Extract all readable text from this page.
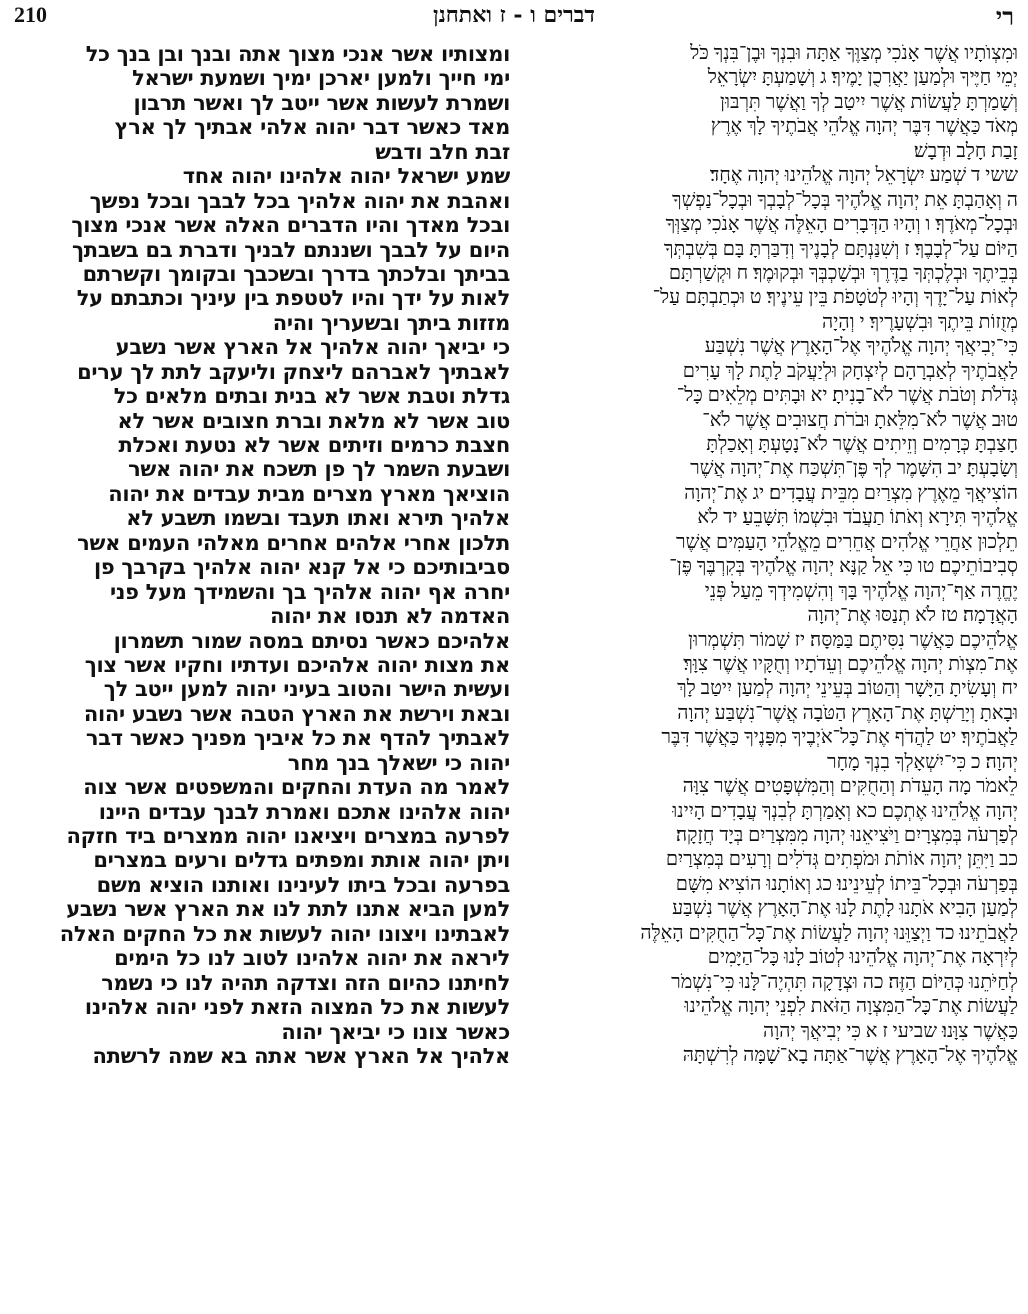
210	דברים ו - ז ואתחנן	רי
ומצותיו אשר אנכי מצוך אתה ובנך ובן בנך כל
ימי חייך ולמען יארכן ימיך ושמעת ישראל
ושמרת לעשות אשר ייטב לך ואשר תרבון
מאד כאשר דבר יהוה אלהי אבתיך לך ארץ
זבת חלב ודבש
שמע ישראל יהוה אלהינו יהוה אחד
ואהבת את יהוה אלהיך בכל לבבך ובכל נפשך
ובכל מאדך והיו הדברים האלה אשר אנכי מצוך
היום על לבבך ושננתם לבניך ודברת בם בשבתך
בביתך ובלכתך בדרך ובשכבך ובקומך וקשרתם
לאות על ידך והיו לטטפת בין עיניך וכתבתם על
מזזות ביתך ובשעריך והיה
כי יביאך יהוה אלהיך אל הארץ אשר נשבע
לאבתיך לאברהם ליצחק וליעקב לתת לך ערים
גדלת וטבת אשר לא בנית ובתים מלאים כל
טוב אשר לא מלאת וברת חצובים אשר לא
חצבת כרמים וזיתים אשר לא נטעת ואכלת
ושבעת השמר לך פן תשכח את יהוה אשר
הוציאך מארץ מצרים מבית עבדים את יהוה
אלהיך תירא ואתו תעבד ובשמו תשבע לא
תלכון אחרי אלהים אחרים מאלהי העמים אשר
סביבותיכם כי אל קנא יהוה אלהיך בקרבך פן
יחרה אף יהוה אלהיך בך והשמידך מעל פני
האדמה לא תנסו את יהוה
אלהיכם כאשר נסיתם במסה שמור תשמרון
את מצות יהוה אלהיכם ועדתיו וחקיו אשר צוך
ועשית הישר והטוב בעיני יהוה למען ייטב לך
ובאת וירשת את הארץ הטבה אשר נשבע יהוה
לאבתיך להדף את כל איביך מפניך כאשר דבר
יהוה כי ישאלך בנך מחר
לאמר מה העדת והחקים והמשפטים אשר צוה
יהוה אלהינו אתכם ואמרת לבנך עבדים היינו
לפרעה במצרים ויציאנו יהוה ממצרים ביד חזקה
ויתן יהוה אותת ומפתים גדלים ורעים במצרים
בפרעה ובכל ביתו לעינינו ואותנו הוציא משם
למען הביא אתנו לתת לנו את הארץ אשר נשבע
לאבתינו ויצונו יהוה לעשות את כל החקים האלה
ליראה את יהוה אלהינו לטוב לנו כל הימים
לחיתנו כהיום הזה וצדקה תהיה לנו כי נשמר
לעשות את כל המצוה הזאת לפני יהוה אלהינו
כאשר צונו כי יביאך יהוה
אלהיך אל הארץ אשר אתה בא שמה לרשתה
וּמִצְוֺתָיו אֲשֶׁר אָנֹכִי מְצַוֶּךָ אַתָּה וּבִנְךָ וּבֶן־בִּנְךָ כֹּל
יְמֵי חַיֶּיךָ וּלְמַעַן יַאֲרִכֻן יָמֶיךָ׃ ג וְשָׁמַעְתָּ יִשְׂרָאֵל
וְשָׁמַרְתָּ לַעֲשׂוֹת אֲשֶׁר יִיטַב לְךָ וַאֲשֶׁר תִּרְבּוּן
מְאֹד כַּאֲשֶׁר דִּבֶּר יְהוָה אֱלֹהֵי אֲבֹתֶיךָ לָךְ אֶרֶץ
זָבַת חָלָב וּדְבָשׁ׃
ששי ד שְׁמַע יִשְׂרָאֵל יְהוָה אֱלֹהֵינוּ יְהוָה אֶחָד׃
ה וְאָהַבְתָּ אֵת יְהוָה אֱלֹהֶיךָ בְּכָל־לְבָבְךָ וּבְכָל־נַפְשְׁךָ
וּבְכָל־מְאֹדֶךָ׃ ו וְהָיוּ הַדְּבָרִים הָאֵלֶּה אֲשֶׁר אָנֹכִי מְצַוְּךָ
הַיּוֹם עַל־לְבָבֶךָ׃ ז וְשִׁנַּנְתָּם לְבָנֶיךָ וְדִבַּרְתָּ בָּם בְּשִׁבְתְּךָ
בְּבֵיתֶךָ וּבְלֶכְתְּךָ בַדֶּרֶךְ וּבְשָׁכְבְּךָ וּבְקוּמֶךָ׃ ח וּקְשַׁרְתָּם
לְאוֹת עַל־יָדֶךָ וְהָיוּ לְטֹטָפֹת בֵּין עֵינֶיךָ׃ ט וּכְתַבְתָּם עַל־
מְזֻזוֹת בֵּיתֶךָ וּבִשְׁעָרֶיךָ׃ י וְהָיָה
כִּי־יְבִיאֲךָ יְהוָה אֱלֹהֶיךָ אֶל־הָאָרֶץ אֲשֶׁר נִשְׁבַּע
לַאֲבֹתֶיךָ לְאַבְרָהָם לְיִצְחָק וּלְיַעֲקֹב לָתֶת לָךְ עָרִים
גְּדֹלֹת וְטֹבֹת אֲשֶׁר לֹא־בָנִיתָ׃ יא וּבָתִּים מְלֵאִים כָּל־
טוּב אֲשֶׁר לֹא־מִלֵּאתָ וּבֹרֹת חֲצוּבִים אֲשֶׁר לֹא־
חָצַבְתָּ כְּרָמִים וְזֵיתִים אֲשֶׁר לֹא־נָטָעְתָּ וְאָכַלְתָּ
וְשָׂבָעְתָּ׃ יב הִשָּׁמֶר לְךָ פֶּן־תִּשְׁכַּח אֶת־יְהוָה אֲשֶׁר
הוֹצִיאֲךָ מֵאֶרֶץ מִצְרַיִם מִבֵּית עֲבָדִים׃ יג אֶת־יְהוָה
אֱלֹהֶיךָ תִּירָא וְאֹתוֹ תַעֲבֹד וּבִשְׁמוֹ תִּשָּׁבֵעַ׃ יד לֹא
תֵלְכוּן אַחֲרֵי אֱלֹהִים אֲחֵרִים מֵאֱלֹהֵי הָעַמִּים אֲשֶׁר
סְבִיבוֹתֵיכֶם׃ טו כִּי אֵל קַנָּא יְהוָה אֱלֹהֶיךָ בְּקִרְבֶּךָ פֶּן־
יֶחֱרֶה אַף־יְהוָה אֱלֹהֶיךָ בָּךְ וְהִשְׁמִידְךָ מֵעַל פְּנֵי
הָאֲדָמָה׃ טז לֹא תְנַסּוּ אֶת־יְהוָה
אֱלֹהֵיכֶם כַּאֲשֶׁר נִסִּיתֶם בַּמַּסָּה׃ יז שָׁמוֹר תִּשְׁמְרוּן
אֶת־מִצְוֺת יְהוָה אֱלֹהֵיכֶם וְעֵדֹתָיו וְחֻקָּיו אֲשֶׁר צִוָּךְ׃
יח וְעָשִׂיתָ הַיָּשָׁר וְהַטּוֹב בְּעֵינֵי יְהוָה לְמַעַן יִיטַב לָךְ
וּבָאתָ וְיָרַשְׁתָּ אֶת־הָאָרֶץ הַטֹּבָה אֲשֶׁר־נִשְׁבַּע יְהוָה
לַאֲבֹתֶיךָ׃ יט לַהֲדֹף אֶת־כָּל־אֹיְבֶיךָ מִפָּנֶיךָ כַּאֲשֶׁר דִּבֶּר
יְהוָה׃ כ כִּי־יִשְׁאָלְךָ בִנְךָ מָחָר
לֵאמֹר מָה הָעֵדֹת וְהַחֻקִּים וְהַמִּשְׁפָּטִים אֲשֶׁר צִוָּה
יְהוָה אֱלֹהֵינוּ אֶתְכֶם׃ כא וְאָמַרְתָּ לְבִנְךָ עֲבָדִים הָיִינוּ
לְפַרְעֹה בְּמִצְרָיִם וַיֹּצִיאֵנוּ יְהוָה מִמִּצְרַיִם בְּיָד חֲזָקָה׃
כב וַיִּתֵּן יְהוָה אוֹתֹת וּמֹפְתִים גְּדֹלִים וְרָעִים בְּמִצְרַיִם
בְּפַרְעֹה וּבְכָל־בֵּיתוֹ לְעֵינֵינוּ׃ כג וְאוֹתָנוּ הוֹצִיא מִשָּׁם
לְמַעַן הָבִיא אֹתָנוּ לָתֶת לָנוּ אֶת־הָאָרֶץ אֲשֶׁר נִשְׁבַּע
לַאֲבֹתֵינוּ׃ כד וַיְצַוֵּנוּ יְהוָה לַעֲשׂוֹת אֶת־כָּל־הַחֻקִּים הָאֵלֶּה
לְיִרְאָה אֶת־יְהוָה אֱלֹהֵינוּ לְטוֹב לָנוּ כָּל־הַיָּמִים
לְחַיֹּתֵנוּ כְּהַיּוֹם הַזֶּה׃ כה וּצְדָקָה תִּהְיֶה־לָּנוּ כִּי־נִשְׁמֹר
לַעֲשׂוֹת אֶת־כָּל־הַמִּצְוָה הַזֹּאת לִפְנֵי יְהוָה אֱלֹהֵינוּ
כַּאֲשֶׁר צִוָּנוּ׃ שביעי ז א כִּי יְבִיאֲךָ יְהוָה
אֱלֹהֶיךָ אֶל־הָאָרֶץ אֲשֶׁר־אַתָּה בָא־שָׁמָּה לְרִשְׁתָּהּ
